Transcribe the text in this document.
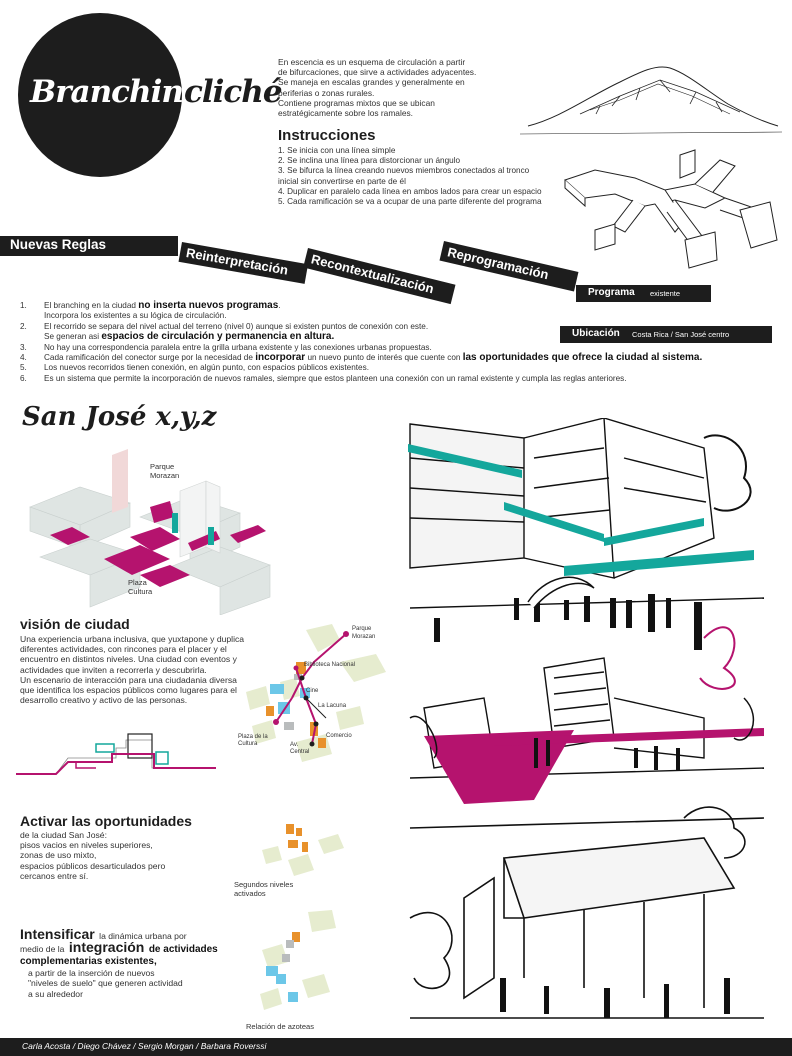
Branching
cliché
En escencia es un esquema de circulación a partir
de bifurcaciones, que sirve a actividades adyacentes.
Se maneja en escalas grandes y generalmente en
periferias o zonas rurales.
Contiene programas mixtos que se ubican
estratégicamente sobre los ramales.
Instrucciones
1. Se inicia con una línea simple
2. Se inclina una línea para distorcionar un ángulo
3. Se bifurca la línea creando nuevos miembros conectados al tronco
inicial sin convertirse en parte de él
4. Duplicar en paralelo cada línea en ambos lados para crear un espacio
5. Cada ramificación se va a ocupar de una parte diferente del programa
Nuevas Reglas
Reinterpretación Recontextualización Reprogramación
Programa existente
Ubicación Costa Rica / San José centro
1. El branching en la ciudad no inserta nuevos programas.
Incorpora los existentes a su lógica de circulación.
2. El recorrido se separa del nivel actual del terreno (nivel 0) aunque si existen puntos de conexión con este.
Se generan asi espacios de circulación y permanencia en altura.
3. No hay una correspondencia paralela entre la grilla urbana existente y las conexiones urbanas propuestas.
4. Cada ramificación del conector surge por la necesidad de incorporar un nuevo punto de interés que cuente con las oportunidades que ofrece la ciudad al sistema.
5. Los nuevos recorridos tienen conexión, en algún punto, con espacios públicos existentes.
6. Es un sistema que permite la incorporación de nuevos ramales, siempre que estos planteen una conexión con un ramal existente y cumpla las reglas anteriores.
San José x,y,z
Parque
Morazan
Plaza
Cultura
visión de ciudad
Una experiencia urbana inclusiva, que yuxtapone y duplica
diferentes actividades, con rincones para el placer y el
encuentro en distintos niveles. Una ciudad con eventos y
actividades que inviten a recorrerla y descubrirla.
Un escenario de interacción para una ciudadania diversa
que identifica los espacios públicos como lugares para el
desarrollo creativo y activo de las personas.
Parque
Morazan
Biblioteca Nacional
Cine
La Lacuna
Comercio
Plaza de la
Cultura	Av.
Central
Activar las oportunidades
de la ciudad San José:
pisos vacios en niveles superiores,
zonas de uso mixto,
espacios públicos desarticulados pero
cercanos entre sí.
Segundos niveles
activados
Intensificar la dinámica urbana por
medio de la integración de actividades
complementarias existentes,
a partir de la inserción de nuevos
"niveles de suelo" que generen actividad
a su alrededor
Relación de azoteas
Carla Acosta / Diego Chávez / Sergio Morgan / Barbara Roverssi
